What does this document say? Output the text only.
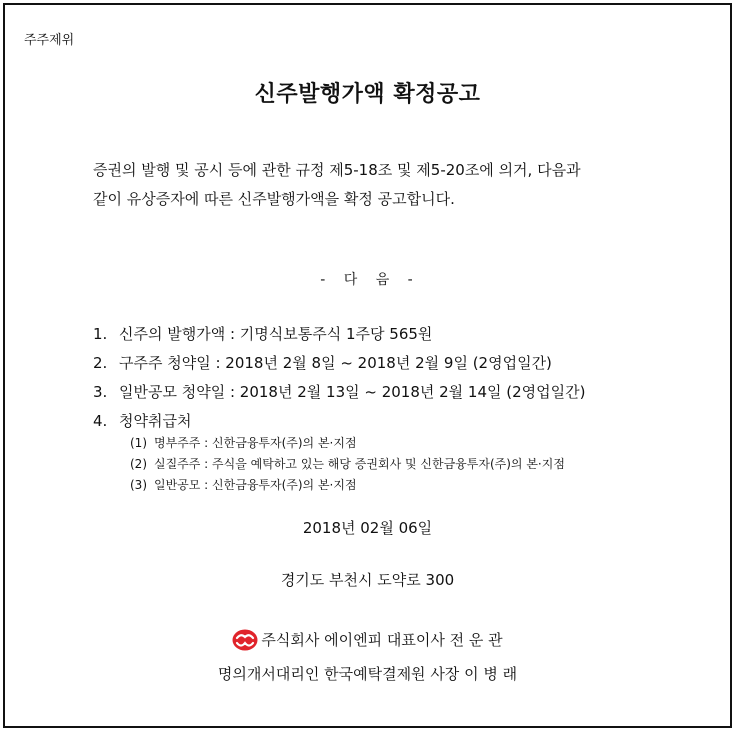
주주제위
신주발행가액 확정공고
증권의 발행 및 공시 등에 관한 규정 제5-18조 및 제5-20조에 의거, 다음과
같이 유상증자에 따른 신주발행가액을 확정 공고합니다.
- 다 음 -
1. 신주의 발행가액 : 기명식보통주식 1주당 565원
2. 구주주 청약일 : 2018년 2월 8일 ~ 2018년 2월 9일 (2영업일간)
3. 일반공모 청약일 : 2018년 2월 13일 ~ 2018년 2월 14일 (2영업일간)
4. 청약취급처
(1) 명부주주 : 신한금융투자(주)의 본·지점
(2) 실질주주 : 주식을 예탁하고 있는 해당 증권회사 및 신한금융투자(주)의 본·지점
(3) 일반공모 : 신한금융투자(주)의 본·지점
2018년 02월 06일
경기도 부천시 도약로 300
주식회사 에이엔피 대표이사 전 운 관
명의개서대리인 한국예탁결제원 사장 이 병 래
